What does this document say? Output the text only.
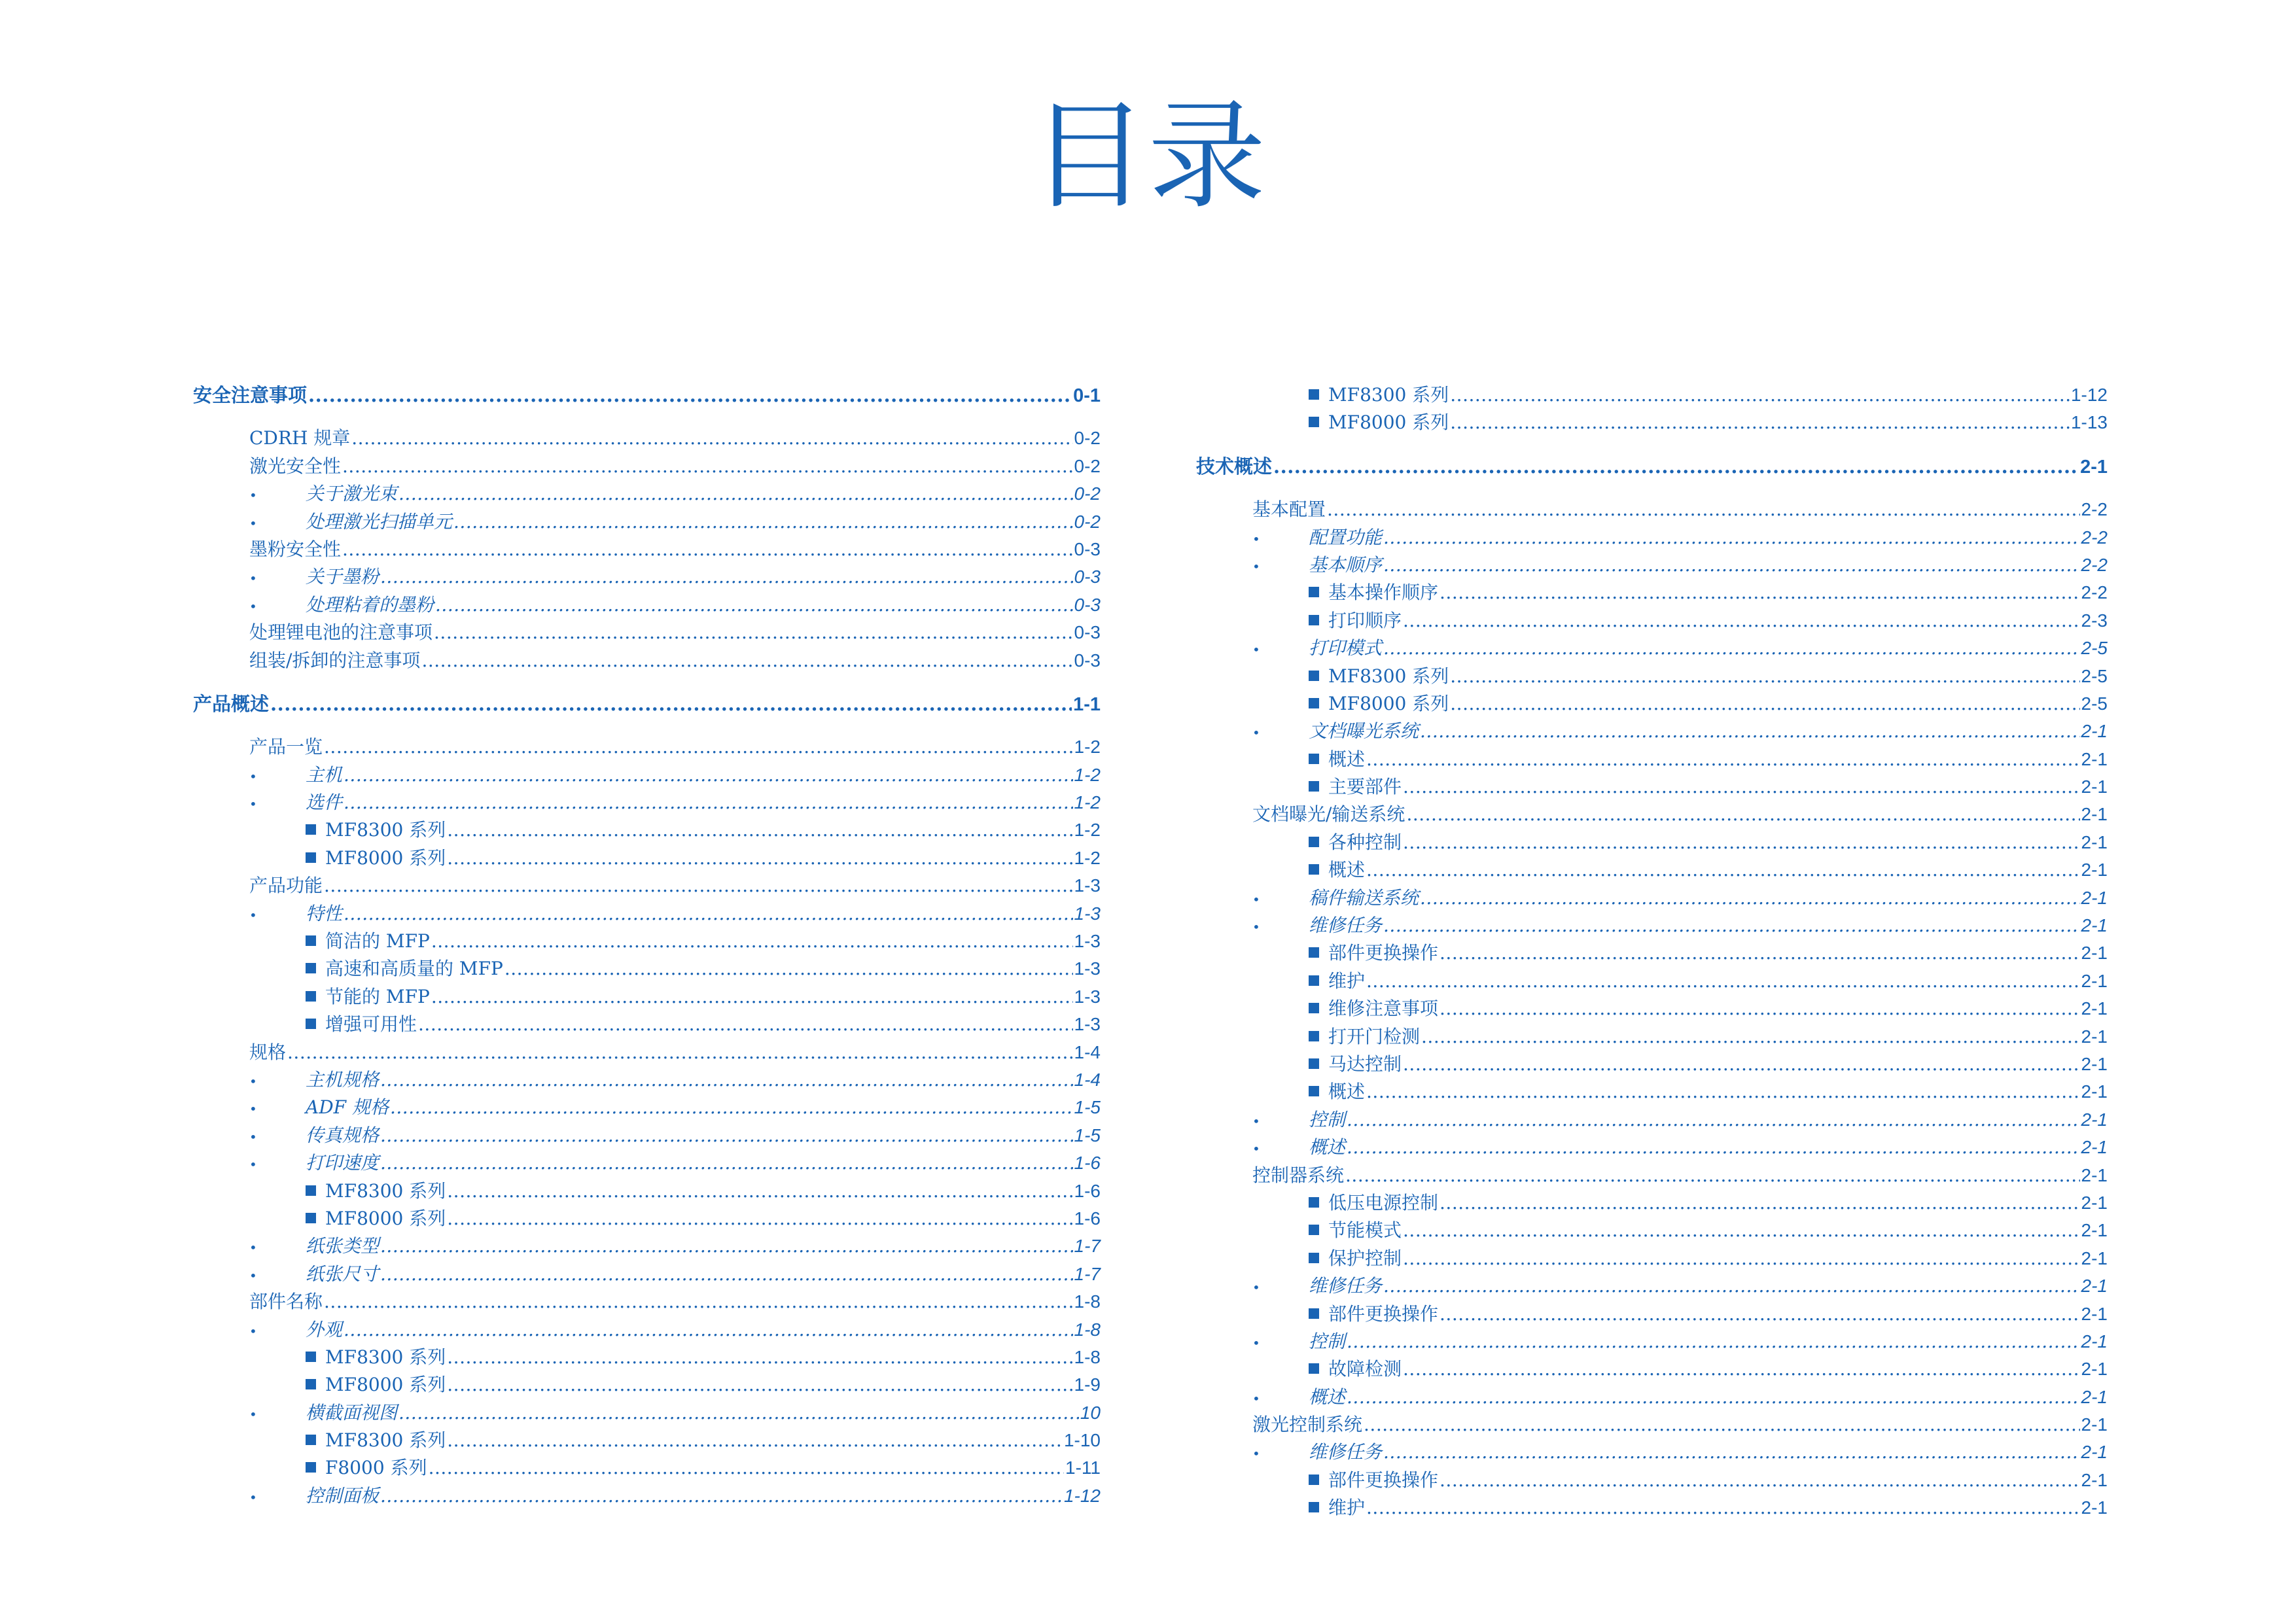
目录
安全注意事项 .....	0-1
CDRH 规章 .....	0-2
激光安全性 .....	0-2
•	关于激光束 .....	0-2
•	处理激光扫描单元 .....	0-2
墨粉安全性 .....	0-3
•	关于墨粉 .....	0-3
•	处理粘着的墨粉 .....	0-3
处理锂电池的注意事项 .....	0-3
组装/拆卸的注意事项 .....	0-3
产品概述 .....	1-1
产品一览 .....	1-2
•	主机 .....	1-2
•	选件 .....	1-2
MF8300 系列 .....	1-2
MF8000 系列 .....	1-2
产品功能 .....	1-3
•	特性 .....	1-3
简洁的 MFP .....	1-3
高速和高质量的 MFP .....	1-3
节能的 MFP .....	1-3
增强可用性 .....	1-3
规格 .....	1-4
•	主机规格 .....	1-4
•	ADF 规格 .....	1-5
•	传真规格 .....	1-5
•	打印速度 .....	1-6
MF8300 系列 .....	1-6
MF8000 系列 .....	1-6
•	纸张类型 .....	1-7
•	纸张尺寸 .....	1-7
部件名称 .....	1-8
•	外观 .....	1-8
MF8300 系列 .....	1-8
MF8000 系列 .....	1-9
•	横截面视图 .....	10
MF8300 系列 .....	1-10
F8000 系列 .....	1-11
•	控制面板 .....	1-12
MF8300 系列 .....	1-12
MF8000 系列 .....	1-13
技术概述 .....	2-1
基本配置 .....	2-2
•	配置功能 .....	2-2
•	基本顺序 .....	2-2
基本操作顺序 .....	2-2
打印顺序 .....	2-3
•	打印模式 .....	2-5
MF8300 系列 .....	2-5
MF8000 系列 .....	2-5
•	文档曝光系统 .....	2-1
概述 .....	2-1
主要部件 .....	2-1
文档曝光/输送系统 .....	2-1
各种控制 .....	2-1
概述 .....	2-1
•	稿件输送系统 .....	2-1
•	维修任务 .....	2-1
部件更换操作 .....	2-1
维护 .....	2-1
维修注意事项 .....	2-1
打开门检测 .....	2-1
马达控制 .....	2-1
概述 .....	2-1
•	控制 .....	2-1
•	概述 .....	2-1
控制器系统 .....	2-1
低压电源控制 .....	2-1
节能模式 .....	2-1
保护控制 .....	2-1
•	维修任务 .....	2-1
部件更换操作 .....	2-1
•	控制 .....	2-1
故障检测 .....	2-1
•	概述 .....	2-1
激光控制系统 .....	2-1
•	维修任务 .....	2-1
部件更换操作 .....	2-1
维护 .....	2-1
